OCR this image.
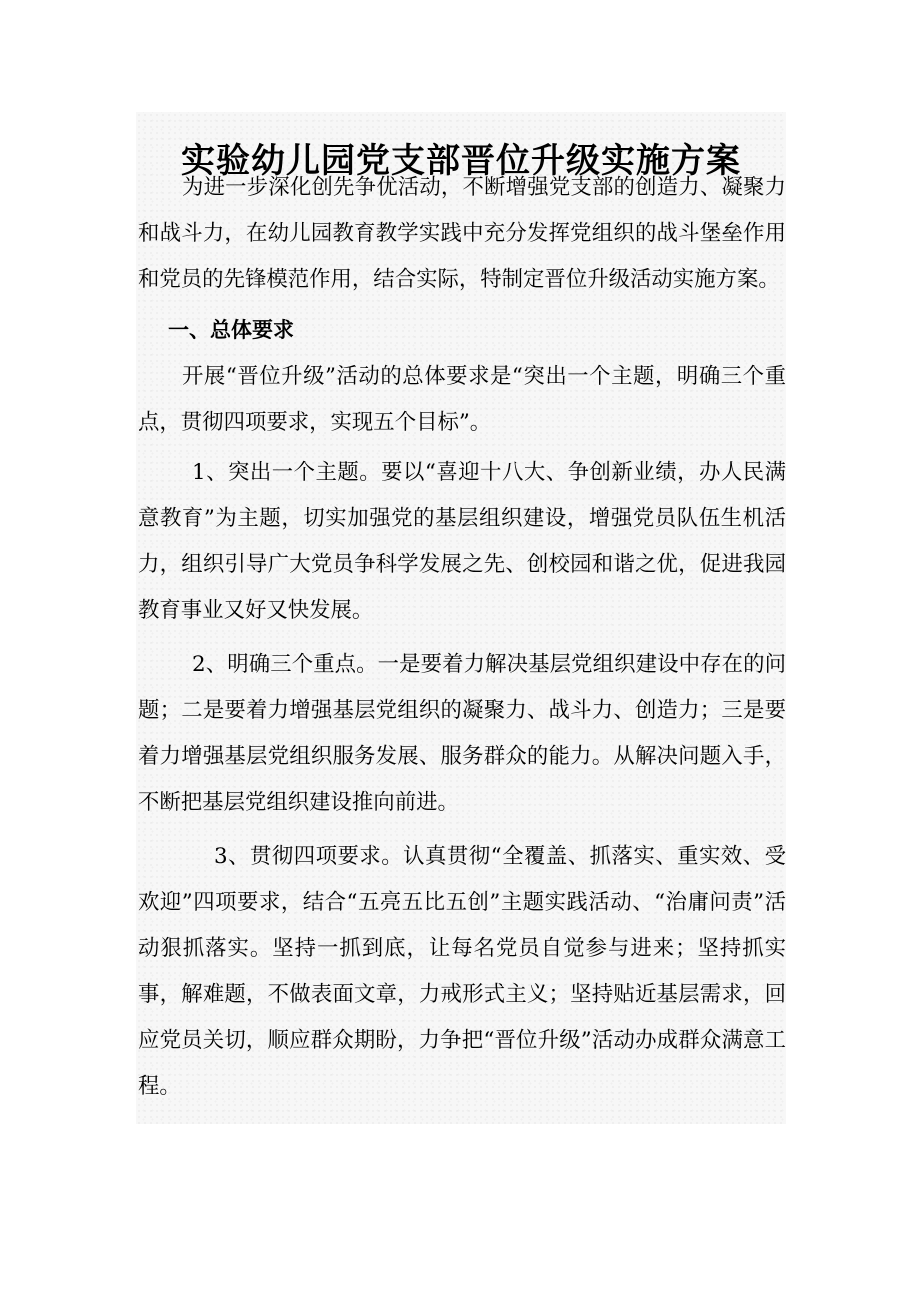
实验幼儿园党支部晋位升级实施方案

为进一步深化创先争优活动，不断增强党支部的创造力、凝聚力和战斗力，在幼儿园教育教学实践中充分发挥党组织的战斗堡垒作用和党员的先锋模范作用，结合实际，特制定晋位升级活动实施方案。

一、总体要求

开展“晋位升级”活动的总体要求是“突出一个主题，明确三个重点，贯彻四项要求，实现五个目标”。

1、突出一个主题。要以“喜迎十八大、争创新业绩，办人民满意教育”为主题，切实加强党的基层组织建设，增强党员队伍生机活力，组织引导广大党员争科学发展之先、创校园和谐之优，促进我园教育事业又好又快发展。

2、明确三个重点。一是要着力解决基层党组织建设中存在的问题；二是要着力增强基层党组织的凝聚力、战斗力、创造力；三是要着力增强基层党组织服务发展、服务群众的能力。从解决问题入手，不断把基层党组织建设推向前进。

3、贯彻四项要求。认真贯彻“全覆盖、抓落实、重实效、受欢迎”四项要求，结合“五亮五比五创”主题实践活动、“治庸问责”活动狠抓落实。坚持一抓到底，让每名党员自觉参与进来；坚持抓实事，解难题，不做表面文章，力戒形式主义；坚持贴近基层需求，回应党员关切，顺应群众期盼，力争把“晋位升级”活动办成群众满意工程。
